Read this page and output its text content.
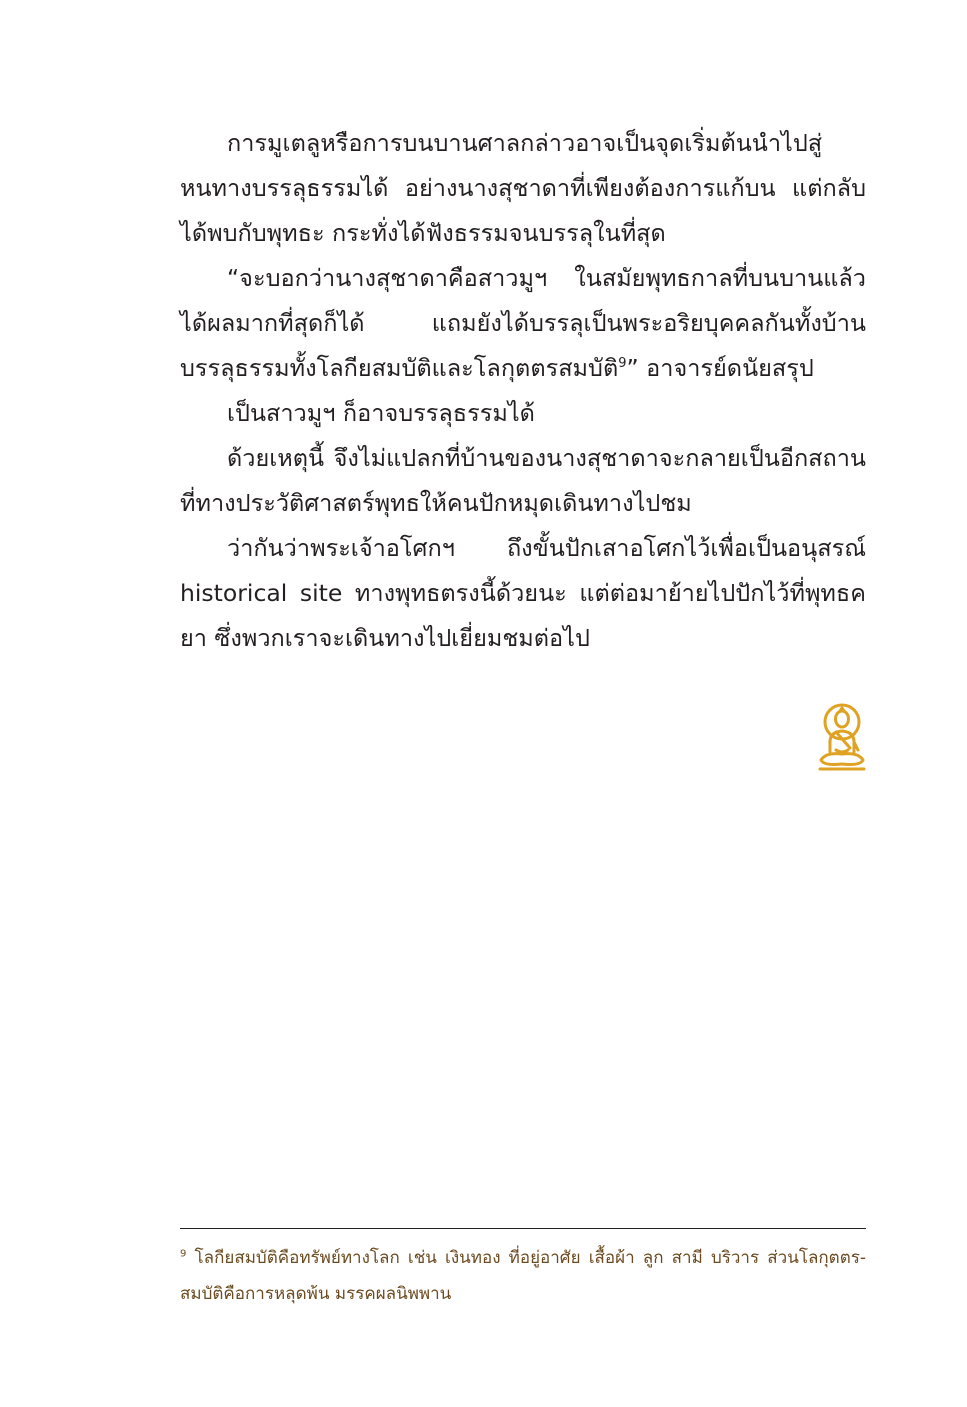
การมูเตลูหรือการบนบานศาลกล่าวอาจเป็นจุดเริ่มต้นนำไปสู่หนทางบรรลุธรรมได้ อย่างนางสุชาดาที่เพียงต้องการแก้บน แต่กลับได้พบกับพุทธะ กระทั่งได้ฟังธรรมจนบรรลุในที่สุด

“จะบอกว่านางสุชาดาคือสาวมูฯ ในสมัยพุทธกาลที่บนบานแล้วได้ผลมากที่สุดก็ได้ แถมยังได้บรรลุเป็นพระอริยบุคคลกันทั้งบ้าน บรรลุธรรมทั้งโลกียสมบัติและโลกุตตรสมบัติ$^9$” อาจารย์ดนัยสรุป

เป็นสาวมูฯ ก็อาจบรรลุธรรมได้

ด้วยเหตุนี้ จึงไม่แปลกที่บ้านของนางสุชาดาจะกลายเป็นอีกสถานที่ทางประวัติศาสตร์พุทธให้คนปักหมุดเดินทางไปชม

ว่ากันว่าพระเจ้าอโศกฯ ถึงขั้นปักเสาอโศกไว้เพื่อเป็นอนุสรณ์ historical site ทางพุทธตรงนี้ด้วยนะ แต่ต่อมาย้ายไปปักไว้ที่พุทธคยา ซึ่งพวกเราจะเดินทางไปเยี่ยมชมต่อไป

$^9$ โลกียสมบัติคือทรัพย์ทางโลก เช่น เงินทอง ที่อยู่อาศัย เสื้อผ้า ลูก สามี บริวาร ส่วนโลกุตตร-สมบัติคือการหลุดพ้น มรรคผลนิพพาน
